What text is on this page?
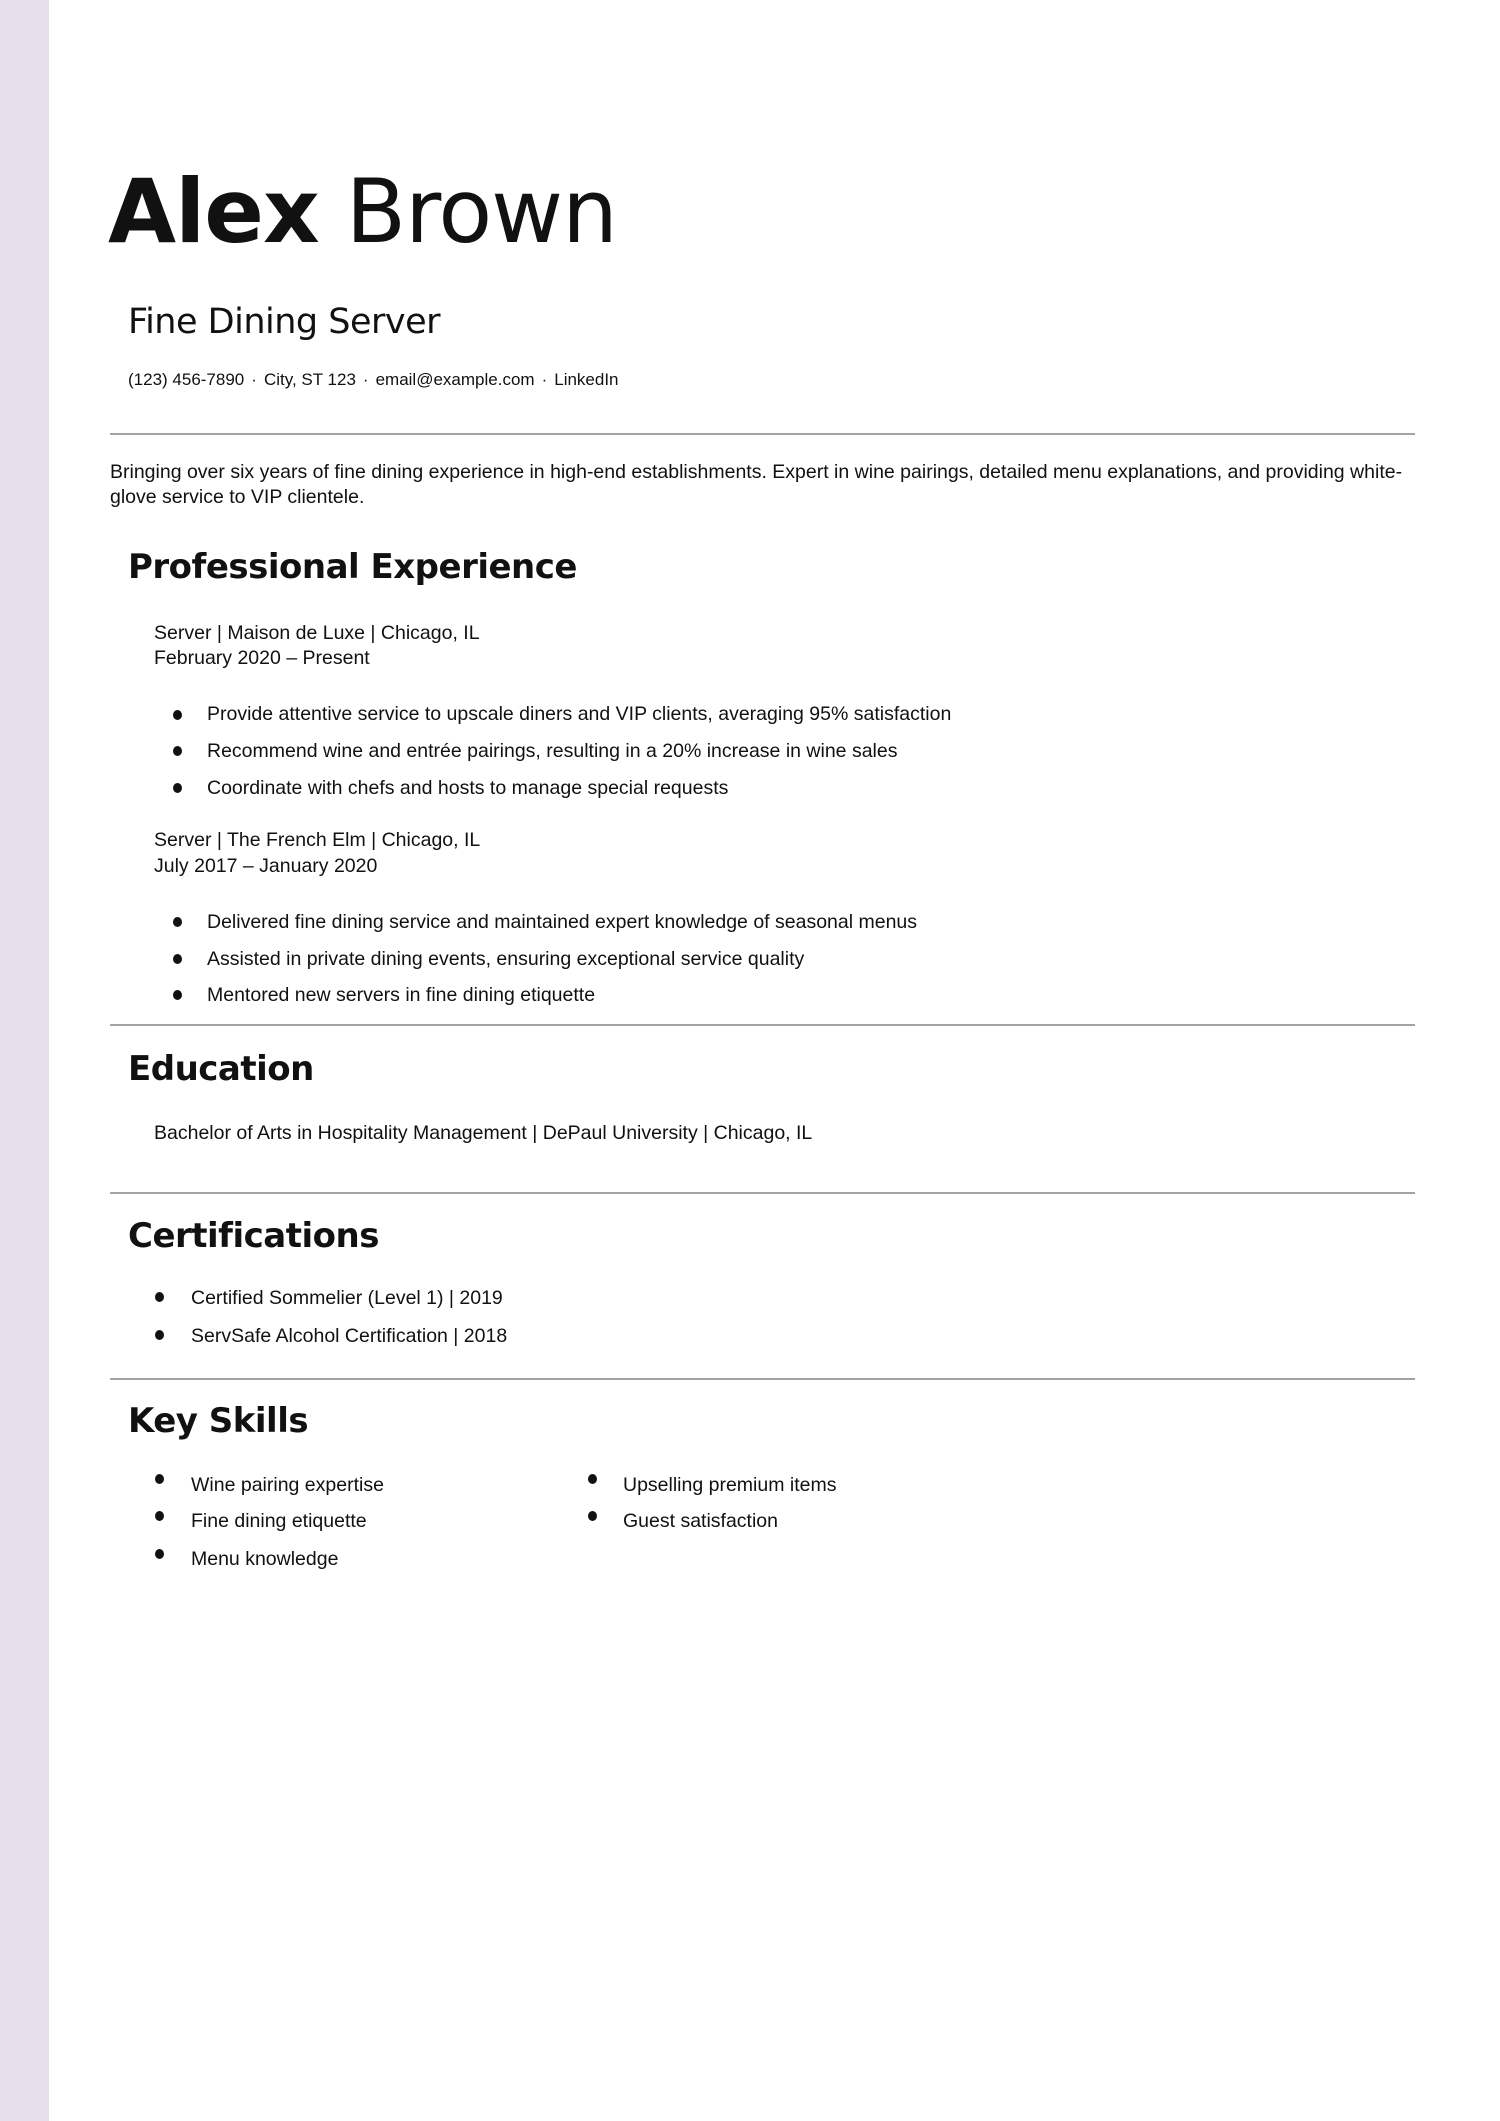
Alex Brown
Fine Dining Server
(123) 456-7890 · City, ST 123 · email@example.com · LinkedIn
Bringing over six years of fine dining experience in high-end establishments. Expert in wine pairings, detailed menu explanations, and providing white-glove service to VIP clientele.
Professional Experience
Server | Maison de Luxe | Chicago, IL
February 2020 – Present
Provide attentive service to upscale diners and VIP clients, averaging 95% satisfaction
Recommend wine and entrée pairings, resulting in a 20% increase in wine sales
Coordinate with chefs and hosts to manage special requests
Server | The French Elm | Chicago, IL
July 2017 – January 2020
Delivered fine dining service and maintained expert knowledge of seasonal menus
Assisted in private dining events, ensuring exceptional service quality
Mentored new servers in fine dining etiquette
Education
Bachelor of Arts in Hospitality Management | DePaul University | Chicago, IL
Certifications
Certified Sommelier (Level 1) | 2019
ServSafe Alcohol Certification | 2018
Key Skills
Wine pairing expertise
Fine dining etiquette
Menu knowledge
Upselling premium items
Guest satisfaction
